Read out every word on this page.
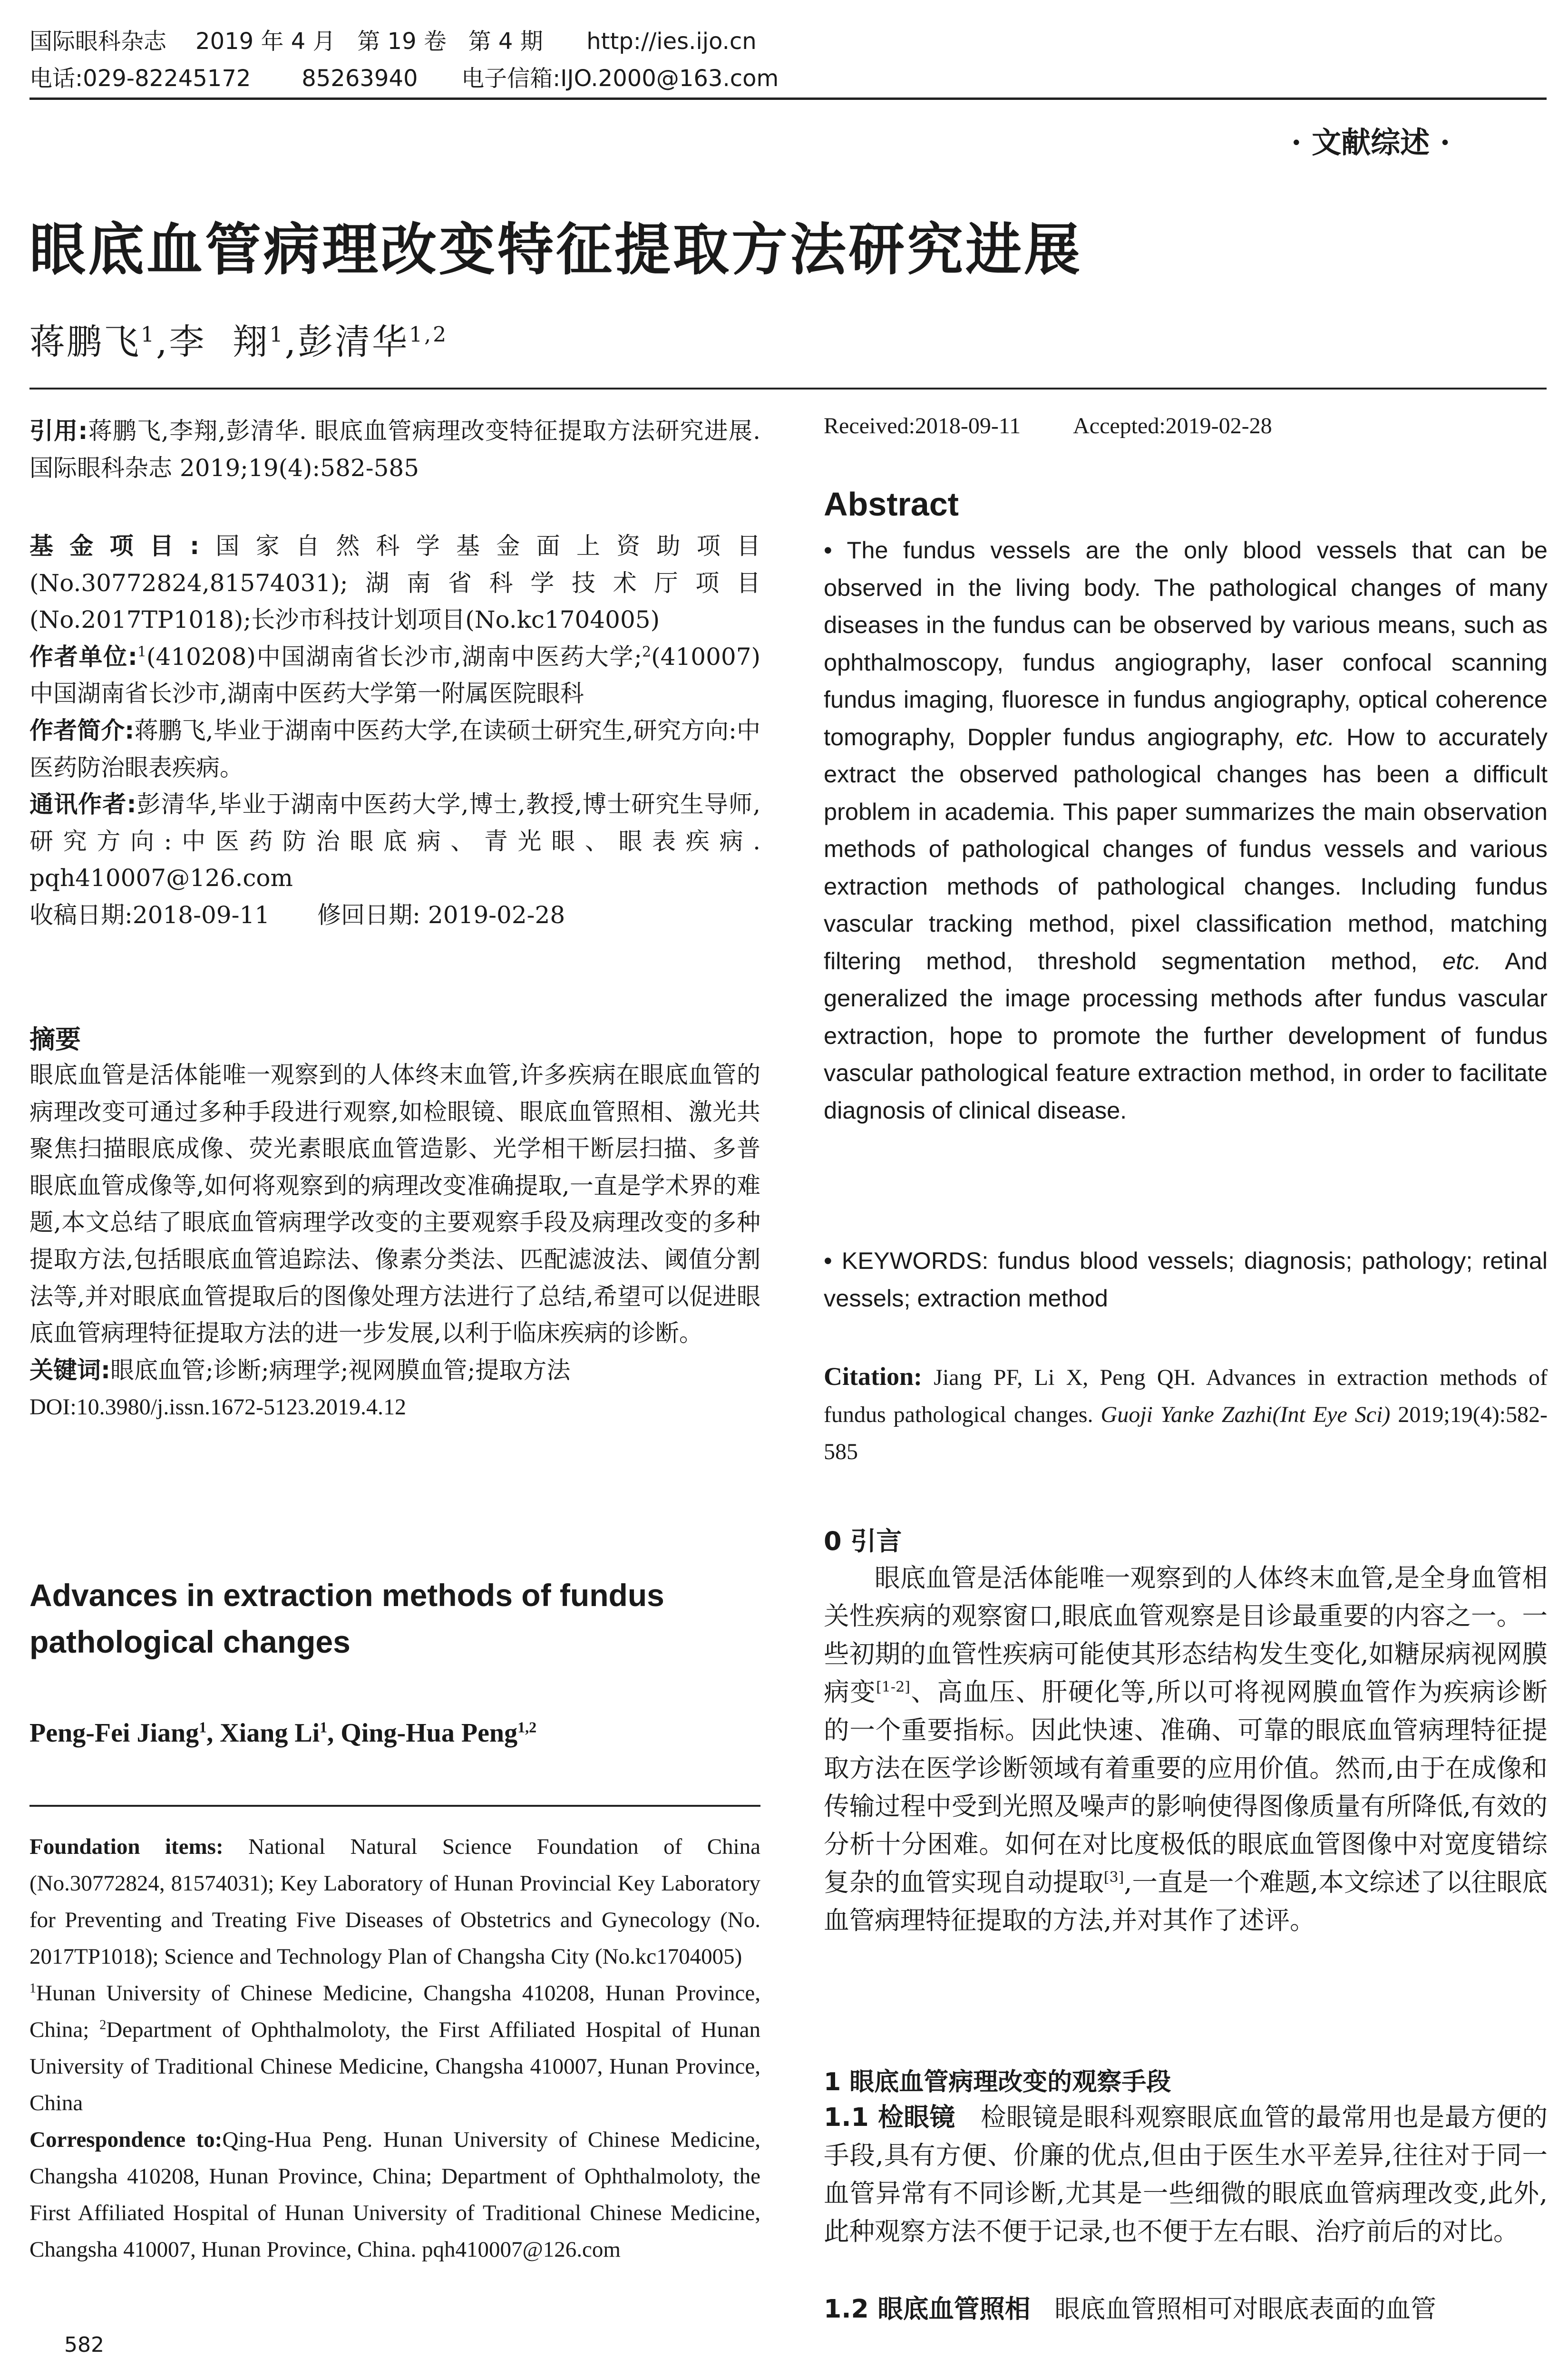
国际眼科杂志    2019 年 4 月   第 19 卷   第 4 期      http://ies.ijo.cn
电话:029-82245172       85263940      电子信箱:IJO.2000@163.com
· 文献综述 ·
眼底血管病理改变特征提取方法研究进展
蒋鹏飞$^1$,李  翔$^1$,彭清华$^{1,2}$

引用:蒋鹏飞,李翔,彭清华. 眼底血管病理改变特征提取方法研究进展.国际眼科杂志 2019;19(4):582-585

基金项目:国家自然科学基金面上资助项目(No.30772824,81574031);湖南省科学技术厅项目(No.2017TP1018);长沙市科技计划项目(No.kc1704005)

作者单位:$^1$(410208)中国湖南省长沙市,湖南中医药大学;$^2$(410007)中国湖南省长沙市,湖南中医药大学第一附属医院眼科

作者简介:蒋鹏飞,毕业于湖南中医药大学,在读硕士研究生,研究方向:中医药防治眼表疾病。

通讯作者:彭清华,毕业于湖南中医药大学,博士,教授,博士研究生导师,研究方向:中医药防治眼底病、青光眼、眼表疾病. pqh410007@126.com

收稿日期:2018-09-11 修回日期: 2019-02-28

摘要

眼底血管是活体能唯一观察到的人体终末血管,许多疾病在眼底血管的病理改变可通过多种手段进行观察,如检眼镜、眼底血管照相、激光共聚焦扫描眼底成像、荧光素眼底血管造影、光学相干断层扫描、多普眼底血管成像等,如何将观察到的病理改变准确提取,一直是学术界的难题,本文总结了眼底血管病理学改变的主要观察手段及病理改变的多种提取方法,包括眼底血管追踪法、像素分类法、匹配滤波法、阈值分割法等,并对眼底血管提取后的图像处理方法进行了总结,希望可以促进眼底血管病理特征提取方法的进一步发展,以利于临床疾病的诊断。

关键词:眼底血管;诊断;病理学;视网膜血管;提取方法

DOI:10.3980/j.issn.1672-5123.2019.4.12

Advances in extraction methods of fundus pathological changes
Peng-Fei Jiang$^1$, Xiang Li$^1$, Qing-Hua Peng$^{1,2}$

Foundation items: National Natural Science Foundation of China (No.30772824, 81574031); Key Laboratory of Hunan Provincial Key Laboratory for Preventing and Treating Five Diseases of Obstetrics and Gynecology (No. 2017TP1018); Science and Technology Plan of Changsha City (No.kc1704005)

$^1$Hunan University of Chinese Medicine, Changsha 410208, Hunan Province, China; $^2$Department of Ophthalmoloty, the First Affiliated Hospital of Hunan University of Traditional Chinese Medicine, Changsha 410007, Hunan Province, China

Correspondence to:Qing-Hua Peng. Hunan University of Chinese Medicine, Changsha 410208, Hunan Province, China; Department of Ophthalmoloty, the First Affiliated Hospital of Hunan University of Traditional Chinese Medicine, Changsha 410007, Hunan Province, China. pqh410007@126.com

Received:2018-09-11 Accepted:2019-02-28
Abstract

• The fundus vessels are the only blood vessels that can be observed in the living body. The pathological changes of many diseases in the fundus can be observed by various means, such as ophthalmoscopy, fundus angiography, laser confocal scanning fundus imaging, fluoresce in fundus angiography, optical coherence tomography, Doppler fundus angiography, etc. How to accurately extract the observed pathological changes has been a difficult problem in academia. This paper summarizes the main observation methods of pathological changes of fundus vessels and various extraction methods of pathological changes. Including fundus vascular tracking method, pixel classification method, matching filtering method, threshold segmentation method, etc. And generalized the image processing methods after fundus vascular extraction, hope to promote the further development of fundus vascular pathological feature extraction method, in order to facilitate diagnosis of clinical disease.

• KEYWORDS: fundus blood vessels; diagnosis; pathology; retinal vessels; extraction method

Citation: Jiang PF, Li X, Peng QH. Advances in extraction methods of fundus pathological changes. Guoji Yanke Zazhi(Int Eye Sci) 2019;19(4):582-585

0 引言

眼底血管是活体能唯一观察到的人体终末血管,是全身血管相关性疾病的观察窗口,眼底血管观察是目诊最重要的内容之一。一些初期的血管性疾病可能使其形态结构发生变化,如糖尿病视网膜病变[1-2]、高血压、肝硬化等,所以可将视网膜血管作为疾病诊断的一个重要指标。因此快速、准确、可靠的眼底血管病理特征提取方法在医学诊断领域有着重要的应用价值。然而,由于在成像和传输过程中受到光照及噪声的影响使得图像质量有所降低,有效的分析十分困难。如何在对比度极低的眼底血管图像中对宽度错综复杂的血管实现自动提取[3],一直是一个难题,本文综述了以往眼底血管病理特征提取的方法,并对其作了述评。

1 眼底血管病理改变的观察手段

1.1 检眼镜 检眼镜是眼科观察眼底血管的最常用也是最方便的手段,具有方便、价廉的优点,但由于医生水平差异,往往对于同一血管异常有不同诊断,尤其是一些细微的眼底血管病理改变,此外,此种观察方法不便于记录,也不便于左右眼、治疗前后的对比。

1.2 眼底血管照相 眼底血管照相可对眼底表面的血管

582
